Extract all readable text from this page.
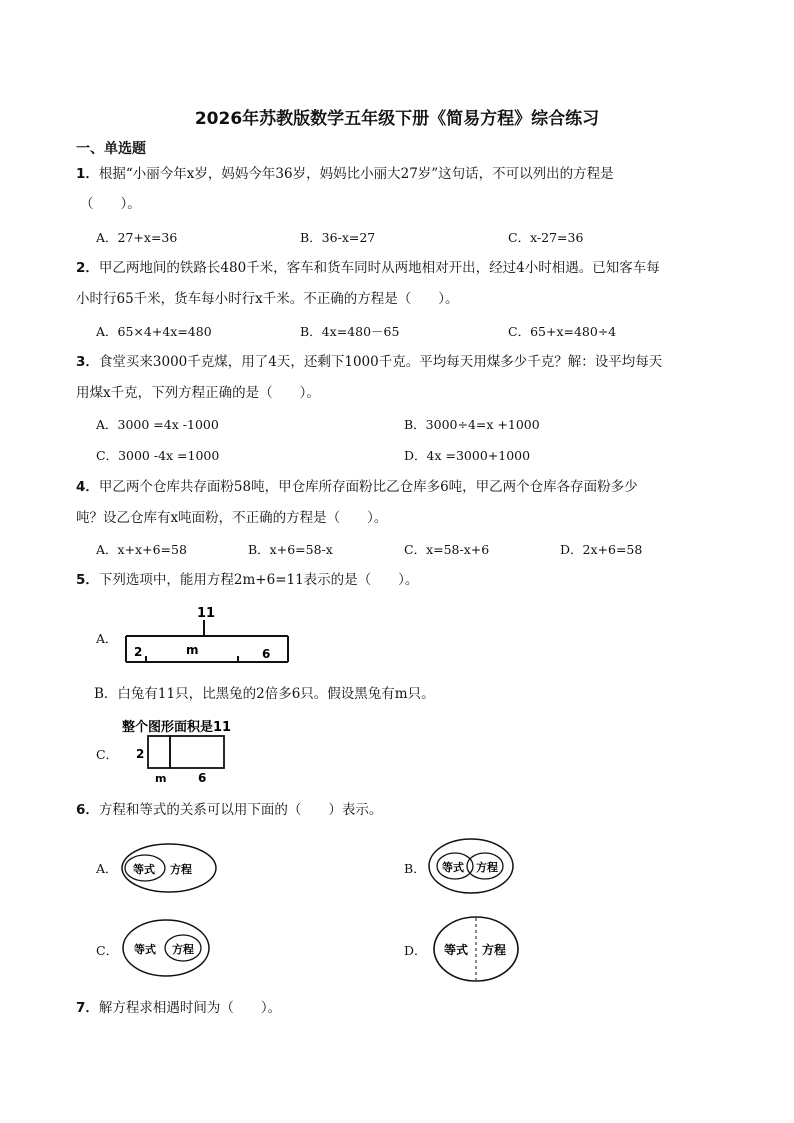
2026年苏教版数学五年级下册《简易方程》综合练习
一、单选题
1．根据“小丽今年x岁，妈妈今年36岁，妈妈比小丽大27岁”这句话，不可以列出的方程是
（　　）。
A．27+x=36	B．36-x=27	C．x-27=36
2．甲乙两地间的铁路长480千米，客车和货车同时从两地相对开出，经过4小时相遇。已知客车每
小时行65千米，货车每小时行x千米。不正确的方程是（　　）。
A．65×4+4x=480	B．4x=480－65	C．65+x=480÷4
3．食堂买来3000千克煤，用了4天，还剩下1000千克。平均每天用煤多少千克？解：设平均每天
用煤x千克，下列方程正确的是（　　）。
A．3000 =4x -1000	B．3000÷4=x +1000
C．3000 -4x =1000	D．4x =3000+1000
4．甲乙两个仓库共存面粉58吨，甲仓库所存面粉比乙仓库多6吨，甲乙两个仓库各存面粉多少
吨？设乙仓库有x吨面粉，不正确的方程是（　　）。
A．x+x+6=58	B．x+6=58-x	C．x=58-x+6	D．2x+6=58
5．下列选项中，能用方程2m+6=11表示的是（　　）。
A．
11
2	m	6
B．白兔有11只，比黑兔的2倍多6只。假设黑兔有m只。
C．
整个图形面积是11
2
m	6
6．方程和等式的关系可以用下面的（　　）表示。
A． 等式 方程	B． 等式 方程
C． 等式 方程	D． 等式 方程
7．解方程求相遇时间为（　　）。
